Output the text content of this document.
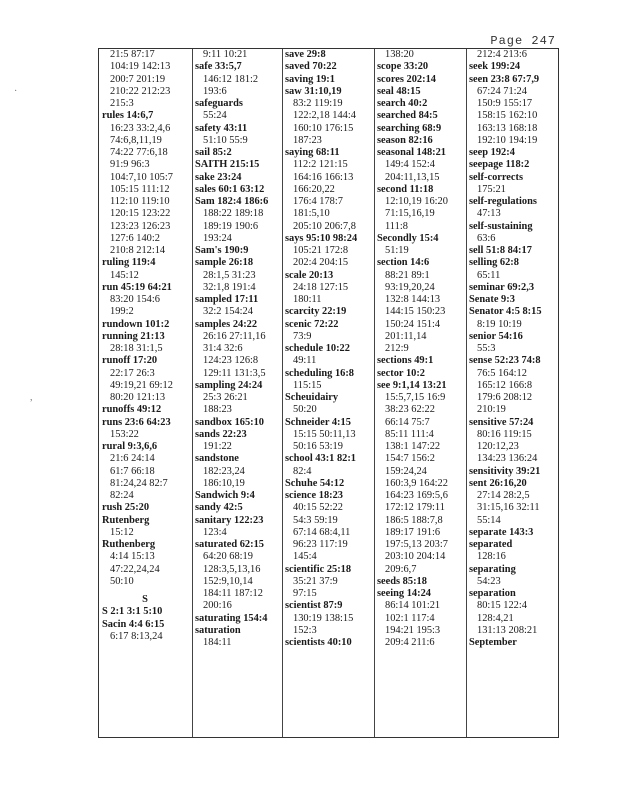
Page 247
21:5 87:17
104:19 142:13
200:7 201:19
210:22 212:23
215:3
rules 14:6,7
16:23 33:2,4,6
74:6,8,11,19
74:22 77:6,18
91:9 96:3
104:7,10 105:7
105:15 111:12
112:10 119:10
120:15 123:22
123:23 126:23
127:6 140:2
210:8 212:14
ruling 119:4
145:12
run 45:19 64:21
83:20 154:6
199:2
rundown 101:2
running 21:13
28:18 31:1,5
runoff 17:20
22:17 26:3
49:19,21 69:12
80:20 121:13
runoffs 49:12
runs 23:6 64:23
153:22
rural 9:3,6,6
21:6 24:14
61:7 66:18
81:24,24 82:7
82:24
rush 25:20
Rutenberg
15:12
Ruthenberg
4:14 15:13
47:22,24,24
50:10
S
S 2:1 3:1 5:10
Sacin 4:4 6:15
6:17 8:13,24
9:11 10:21
safe 33:5,7
146:12 181:2
193:6
safeguards
55:24
safety 43:11
51:10 55:9
sail 85:2
SAITH 215:15
sake 23:24
sales 60:1 63:12
Sam 182:4 186:6
188:22 189:18
189:19 190:6
193:24
Sam's 190:9
sample 26:18
28:1,5 31:23
32:1,8 191:4
sampled 17:11
32:2 154:24
samples 24:22
26:16 27:11,16
31:4 32:6
124:23 126:8
129:11 131:3,5
sampling 24:24
25:3 26:21
188:23
sandbox 165:10
sands 22:23
191:22
sandstone
182:23,24
186:10,19
Sandwich 9:4
sandy 42:5
sanitary 122:23
123:4
saturated 62:15
64:20 68:19
128:3,5,13,16
152:9,10,14
184:11 187:12
200:16
saturating 154:4
saturation
184:11
save 29:8
saved 70:22
saving 19:1
saw 31:10,19
83:2 119:19
122:2,18 144:4
160:10 176:15
187:23
saying 68:11
112:2 121:15
164:16 166:13
166:20,22
176:4 178:7
181:5,10
205:10 206:7,8
says 95:10 98:24
105:21 172:8
202:4 204:15
scale 20:13
24:18 127:15
180:11
scarcity 22:19
scenic 72:22
73:9
schedule 10:22
49:11
scheduling 16:8
115:15
Scheuidairy
50:20
Schneider 4:15
15:15 50:11,13
50:16 53:19
school 43:1 82:1
82:4
Schuhe 54:12
science 18:23
40:15 52:22
54:3 59:19
67:14 68:4,11
96:23 117:19
145:4
scientific 25:18
35:21 37:9
97:15
scientist 87:9
130:19 138:15
152:3
scientists 40:10
138:20
scope 33:20
scores 202:14
seal 48:15
search 40:2
searched 84:5
searching 68:9
season 82:16
seasonal 148:21
149:4 152:4
204:11,13,15
second 11:18
12:10,19 16:20
71:15,16,19
111:8
Secondly 15:4
51:19
section 14:6
88:21 89:1
93:19,20,24
132:8 144:13
144:15 150:23
150:24 151:4
201:11,14
212:9
sections 49:1
sector 10:2
see 9:1,14 13:21
15:5,7,15 16:9
38:23 62:22
66:14 75:7
85:11 111:4
138:1 147:22
154:7 156:2
159:24,24
160:3,9 164:22
164:23 169:5,6
172:12 179:11
186:5 188:7,8
189:17 191:6
197:5,13 203:7
203:10 204:14
209:6,7
seeds 85:18
seeing 14:24
86:14 101:21
102:1 117:4
194:21 195:3
209:4 211:6
212:4 213:6
seek 199:24
seen 23:8 67:7,9
67:24 71:24
150:9 155:17
158:15 162:10
163:13 168:18
192:10 194:19
seep 192:4
seepage 118:2
self-corrects
175:21
self-regulations
47:13
self-sustaining
63:6
sell 51:8 84:17
selling 62:8
65:11
seminar 69:2,3
Senate 9:3
Senator 4:5 8:15
8:19 10:19
senior 54:16
55:3
sense 52:23 74:8
76:5 164:12
165:12 166:8
179:6 208:12
210:19
sensitive 57:24
80:16 119:15
120:12,23
134:23 136:24
sensitivity 39:21
sent 26:16,20
27:14 28:2,5
31:15,16 32:11
55:14
separate 143:3
separated
128:16
separating
54:23
separation
80:15 122:4
128:4,21
131:13 208:21
September
·
,
